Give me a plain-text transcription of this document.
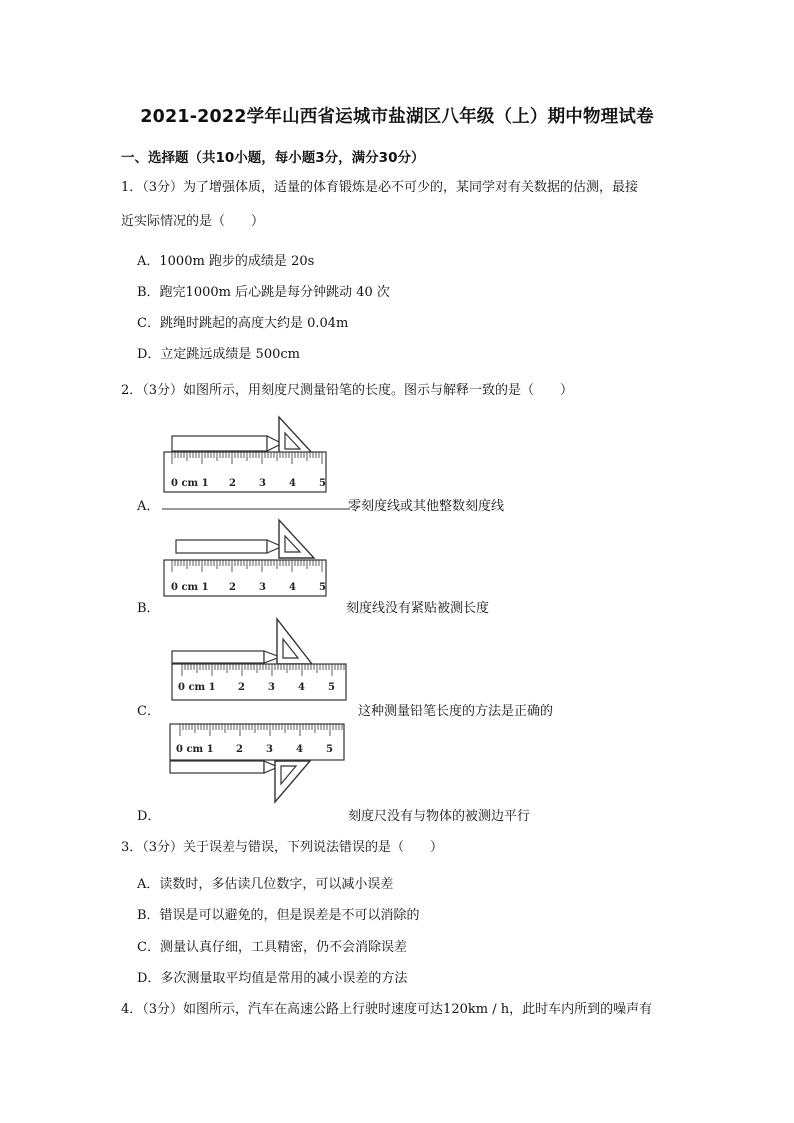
2021-2022学年山西省运城市盐湖区八年级（上）期中物理试卷
一、选择题（共10小题，每小题3分，满分30分）
1．（3分）为了增强体质，适量的体育锻炼是必不可少的，某同学对有关数据的估测，最接
近实际情况的是（　　）
A．1000m 跑步的成绩是 20s
B．跑完1000m 后心跳是每分钟跳动 40 次
C．跳绳时跳起的高度大约是 0.04m
D．立定跳远成绩是 500cm
2．（3分）如图所示，用刻度尺测量铅笔的长度。图示与解释一致的是（　　）
0 cm 1 2 3 4 5
A．	零刻度线或其他整数刻度线
0 cm 1 2 3 4 5
B．	刻度线没有紧贴被测长度
0 cm 1 2 3 4 5
C．	这种测量铅笔长度的方法是正确的
0 cm 1 2 3 4 5
D．	刻度尺没有与物体的被测边平行
3．（3分）关于误差与错误，下列说法错误的是（　　）
A．读数时，多估读几位数字，可以减小误差
B．错误是可以避免的，但是误差是不可以消除的
C．测量认真仔细，工具精密，仍不会消除误差
D．多次测量取平均值是常用的减小误差的方法
4．（3分）如图所示，汽车在高速公路上行驶时速度可达120km / h，此时车内所到的噪声有
